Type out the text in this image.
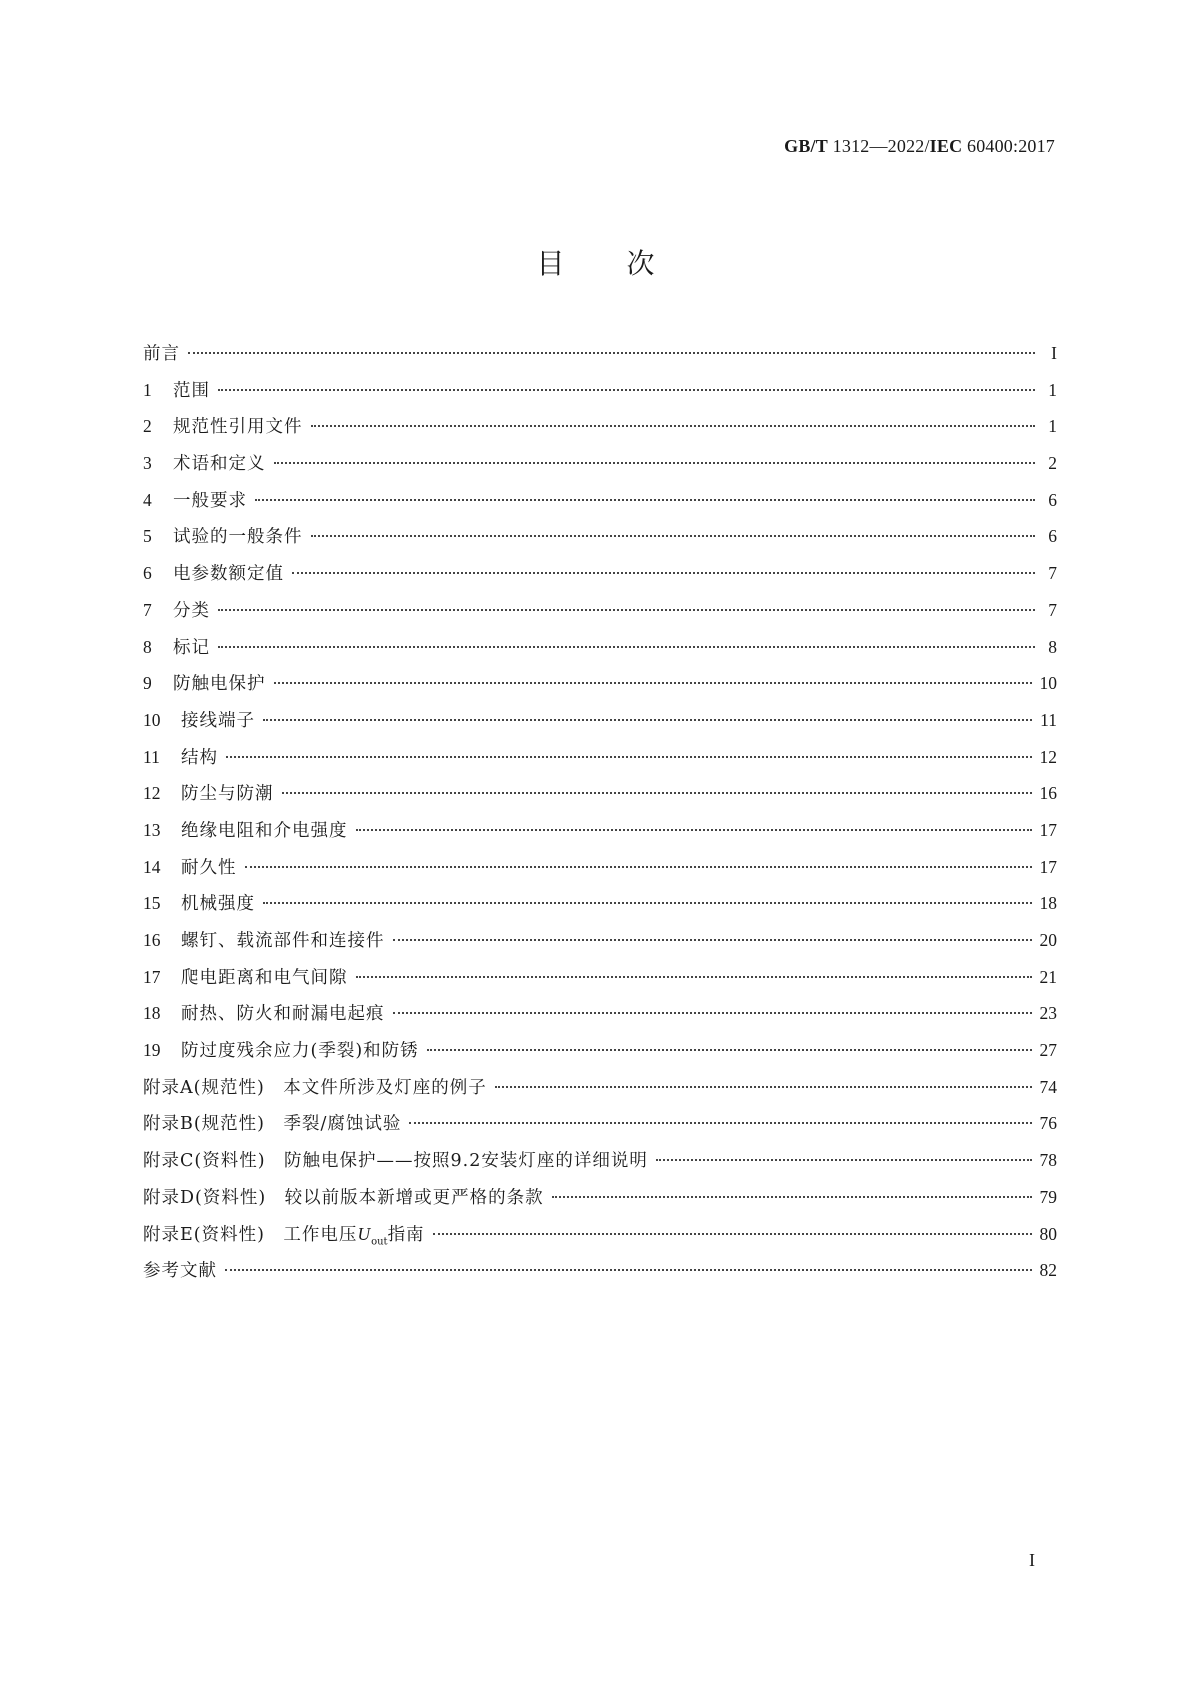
GB/T 1312—2022/IEC 60400:2017
目次
前言	I
1	范围	1
2	规范性引用文件	1
3	术语和定义	2
4	一般要求	6
5	试验的一般条件	6
6	电参数额定值	7
7	分类	7
8	标记	8
9	防触电保护	10
10	接线端子	11
11	结构	12
12	防尘与防潮	16
13	绝缘电阻和介电强度	17
14	耐久性	17
15	机械强度	18
16	螺钉、载流部件和连接件	20
17	爬电距离和电气间隙	21
18	耐热、防火和耐漏电起痕	23
19	防过度残余应力(季裂)和防锈	27
附录A(规范性)　本文件所涉及灯座的例子	74
附录B(规范性)　季裂/腐蚀试验	76
附录C(资料性)　防触电保护——按照9.2安装灯座的详细说明	78
附录D(资料性)　较以前版本新增或更严格的条款	79
附录E(资料性)　工作电压$U_{out}$指南	80
参考文献	82
I
